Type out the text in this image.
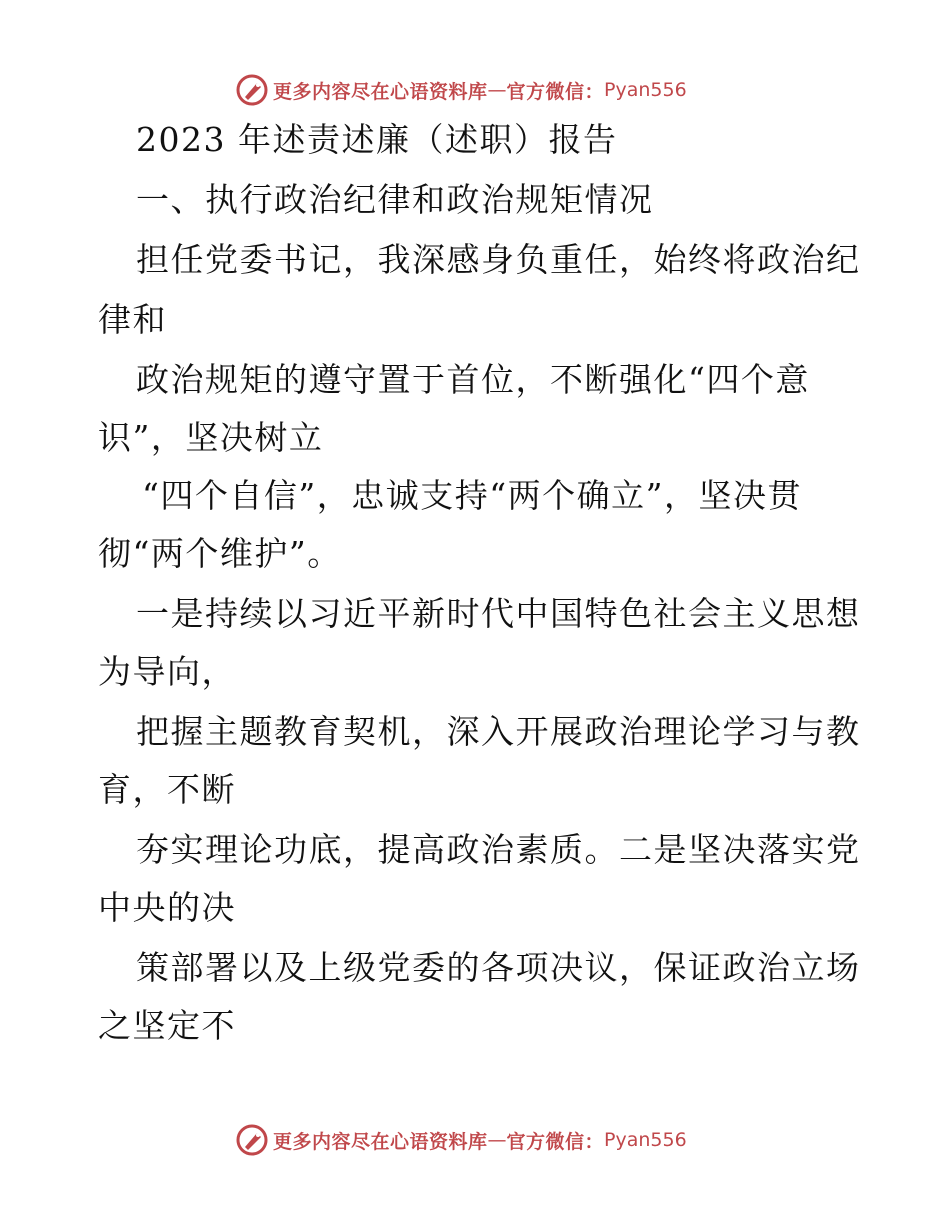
更多内容尽在心语资料库 — 官方微信： Pyan556
2023 年述责述廉（述职）报告
一、执行政治纪律和政治规矩情况
担任党委书记，我深感身负重任，始终将政治纪
律和
政治规矩的遵守置于首位，不断强化“四个意
识”，坚决树立
“四个自信”，忠诚支持“两个确立”，坚决贯
彻“两个维护”。
一是持续以习近平新时代中国特色社会主义思想
为导向，
把握主题教育契机，深入开展政治理论学习与教
育，不断
夯实理论功底，提高政治素质。二是坚决落实党
中央的决
策部署以及上级党委的各项决议，保证政治立场
之坚定不
更多内容尽在心语资料库 — 官方微信： Pyan556
